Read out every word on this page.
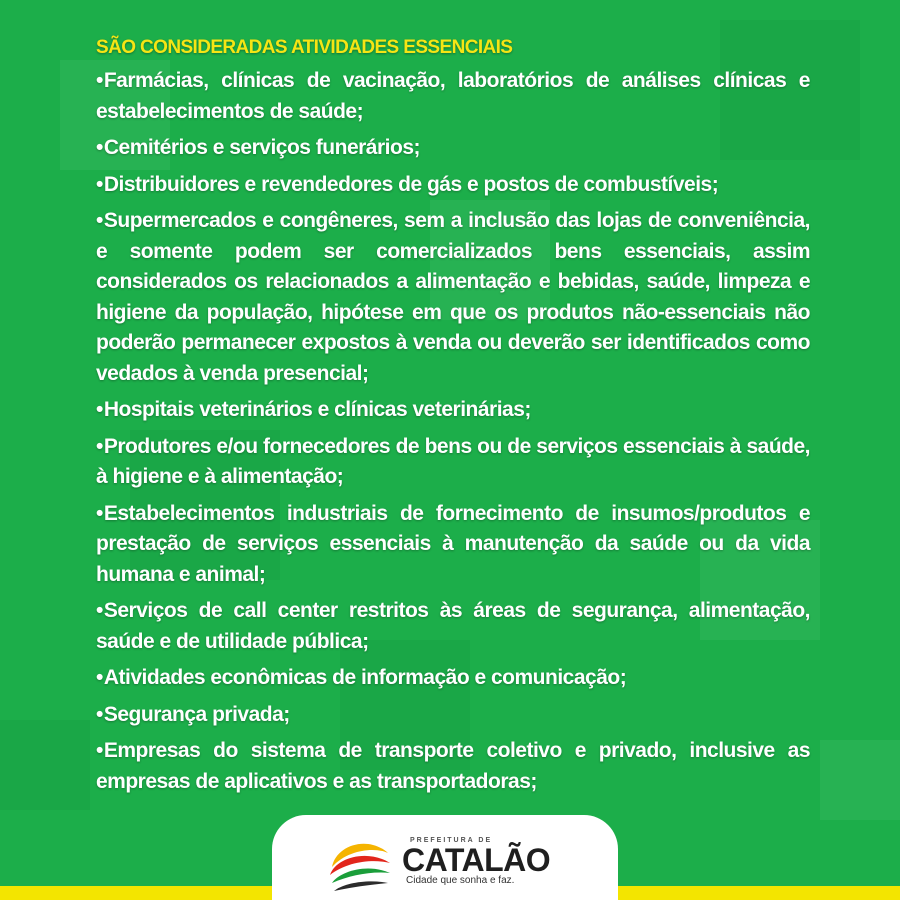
SÃO CONSIDERADAS ATIVIDADES ESSENCIAIS
•Farmácias, clínicas de vacinação, laboratórios de análises clínicas e estabelecimentos de saúde;
•Cemitérios e serviços funerários;
•Distribuidores e revendedores de gás e postos de combustíveis;
•Supermercados e congêneres, sem a inclusão das lojas de conveniência, e somente podem ser comercializados bens essenciais, assim considerados os relacionados a alimentação e bebidas, saúde, limpeza e higiene da população, hipótese em que os produtos não-essenciais não poderão permanecer expostos à venda ou deverão ser identificados como vedados à venda presencial;
•Hospitais veterinários e clínicas veterinárias;
•Produtores e/ou fornecedores de bens ou de serviços essenciais à saúde, à higiene e à alimentação;
•Estabelecimentos industriais de fornecimento de insumos/produtos e prestação de serviços essenciais à manutenção da saúde ou da vida humana e animal;
•Serviços de call center restritos às áreas de segurança, alimentação, saúde e de utilidade pública;
•Atividades econômicas de informação e comunicação;
•Segurança privada;
•Empresas do sistema de transporte coletivo e privado, inclusive as empresas de aplicativos e as transportadoras;
PREFEITURA DE
CATALÃO
Cidade que sonha e faz.
